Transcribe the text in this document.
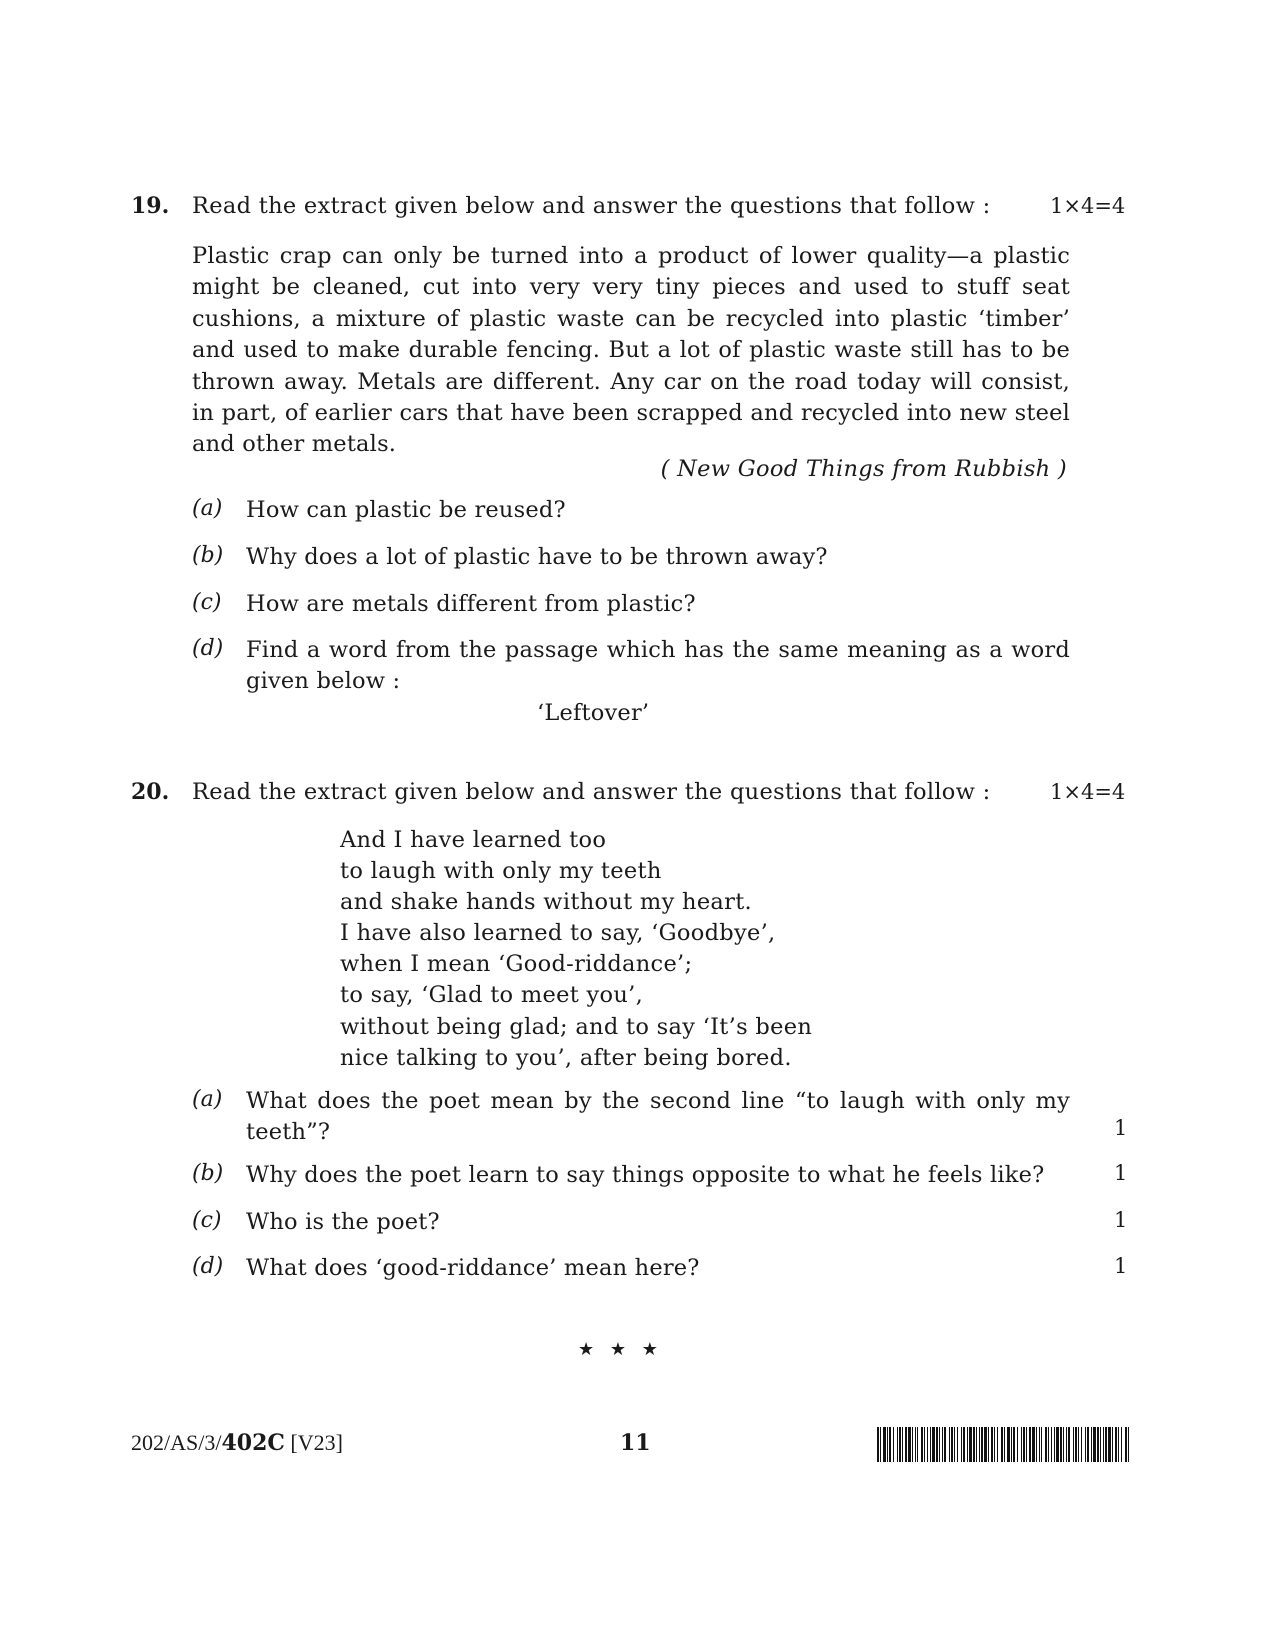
19. Read the extract given below and answer the questions that follow :	1×4=4
Plastic crap can only be turned into a product of lower quality—a plastic might be cleaned, cut into very very tiny pieces and used to stuff seat cushions, a mixture of plastic waste can be recycled into plastic ‘timber’ and used to make durable fencing. But a lot of plastic waste still has to be thrown away. Metals are different. Any car on the road today will consist, in part, of earlier cars that have been scrapped and recycled into new steel and other metals.
( New Good Things from Rubbish )
(a) How can plastic be reused?
(b) Why does a lot of plastic have to be thrown away?
(c) How are metals different from plastic?
(d) Find a word from the passage which has the same meaning as a word given below :
‘Leftover’
20. Read the extract given below and answer the questions that follow :	1×4=4
And I have learned too
to laugh with only my teeth
and shake hands without my heart.
I have also learned to say, ‘Goodbye’,
when I mean ‘Good-riddance’;
to say, ‘Glad to meet you’,
without being glad; and to say ‘It’s been
nice talking to you’, after being bored.
(a) What does the poet mean by the second line “to laugh with only my teeth”?	1
(b) Why does the poet learn to say things opposite to what he feels like?	1
(c) Who is the poet?	1
(d) What does ‘good-riddance’ mean here?	1
★ ★ ★
202/AS/3/402C [V23]	11
